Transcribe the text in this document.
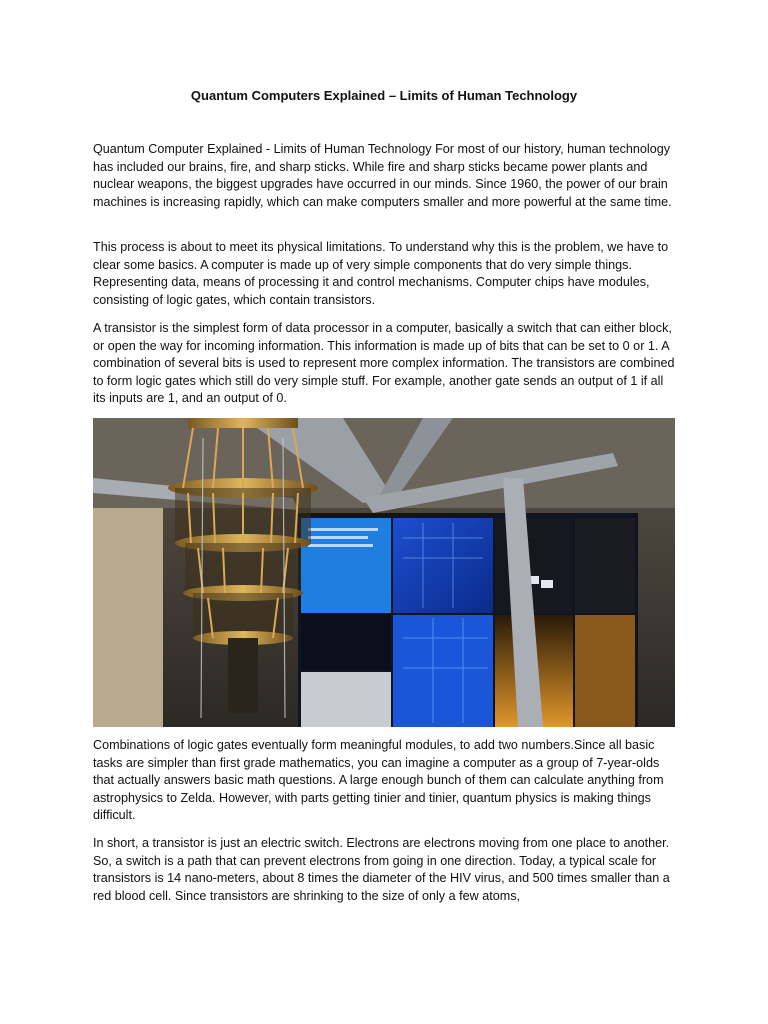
Quantum Computers Explained – Limits of Human Technology

Quantum Computer Explained - Limits of Human Technology For most of our history, human technology has included our brains, fire, and sharp sticks. While fire and sharp sticks became power plants and nuclear weapons, the biggest upgrades have occurred in our minds. Since 1960, the power of our brain machines is increasing rapidly, which can make computers smaller and more powerful at the same time.

This process is about to meet its physical limitations. To understand why this is the problem, we have to clear some basics. A computer is made up of very simple components that do very simple things. Representing data, means of processing it and control mechanisms. Computer chips have modules, consisting of logic gates, which contain transistors.

A transistor is the simplest form of data processor in a computer, basically a switch that can either block, or open the way for incoming information. This information is made up of bits that can be set to 0 or 1. A combination of several bits is used to represent more complex information. The transistors are combined to form logic gates which still do very simple stuff. For example, another gate sends an output of 1 if all its inputs are 1, and an output of 0.

Combinations of logic gates eventually form meaningful modules, to add two numbers.Since all basic tasks are simpler than first grade mathematics, you can imagine a computer as a group of 7-year-olds that actually answers basic math questions. A large enough bunch of them can calculate anything from astrophysics to Zelda. However, with parts getting tinier and tinier, quantum physics is making things difficult.

In short, a transistor is just an electric switch. Electrons are electrons moving from one place to another. So, a switch is a path that can prevent electrons from going in one direction. Today, a typical scale for transistors is 14 nano-meters, about 8 times the diameter of the HIV virus, and 500 times smaller than a red blood cell. Since transistors are shrinking to the size of only a few atoms,
